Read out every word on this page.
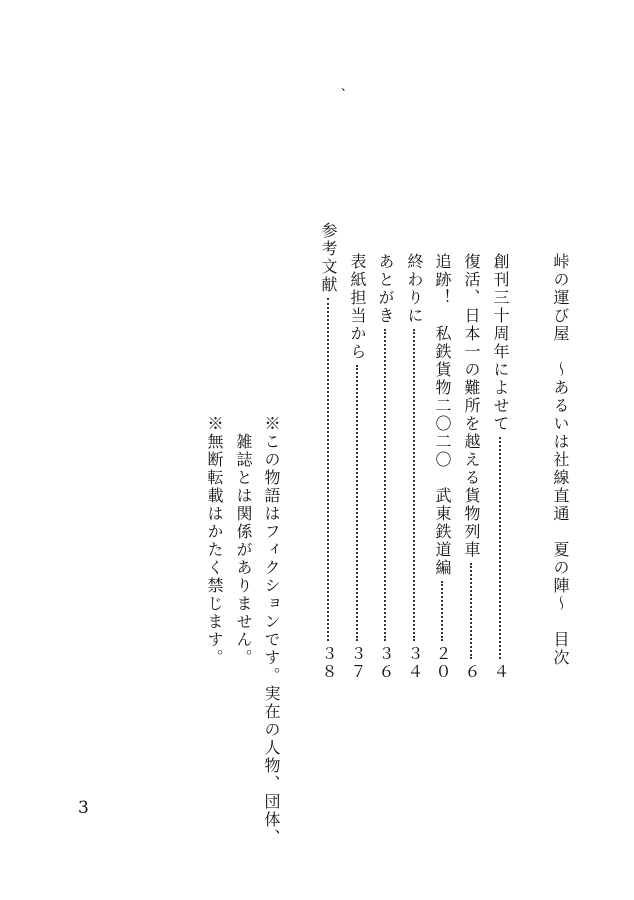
、
峠の運び屋　～あるいは社線直通　夏の陣～　目次
創刊三十周年によせて
４
復活、日本一の難所を越える貨物列車
６
追跡！　私鉄貨物二〇二〇　武東鉄道編
２０
終わりに
３４
あとがき
３６
表紙担当から
３７
参考文献
３８
※この物語はフィクションです。実在の人物、団体、
雑誌とは関係がありません。
※無断転載はかたく禁じます。
3
